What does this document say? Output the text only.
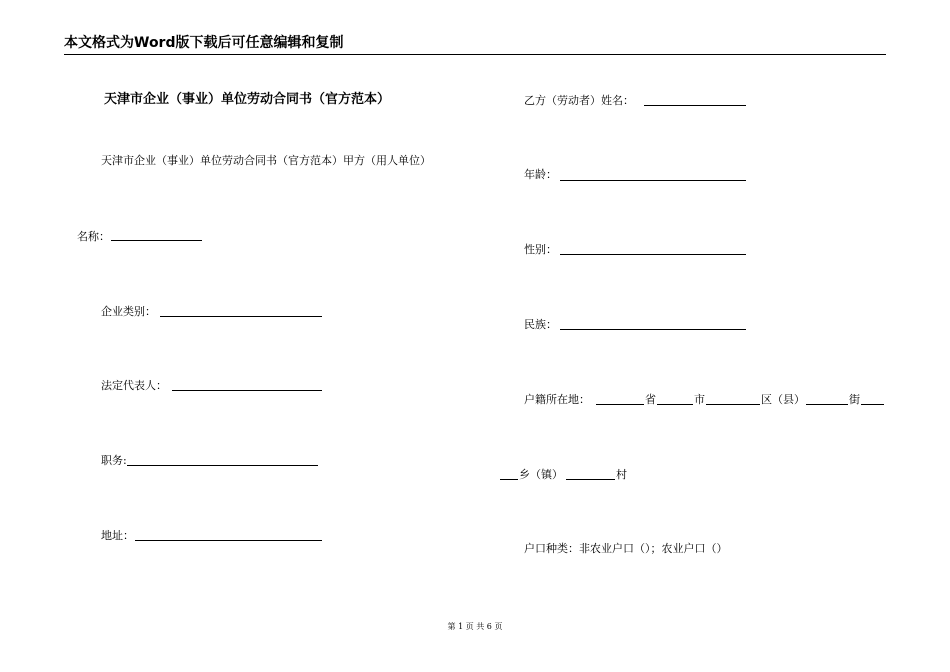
本文格式为Word版下载后可任意编辑和复制
天津市企业（事业）单位劳动合同书（官方范本）
天津市企业（事业）单位劳动合同书（官方范本）甲方（用人单位）
名称：
企业类别：
法定代表人：
职务:
地址：
乙方（劳动者）姓名：
年龄：
性别：
民族：
户籍所在地：	省	市	区（县）	街
乡（镇）	村
户口种类：非农业户口（）；农业户口（）
第 1 页 共 6 页
